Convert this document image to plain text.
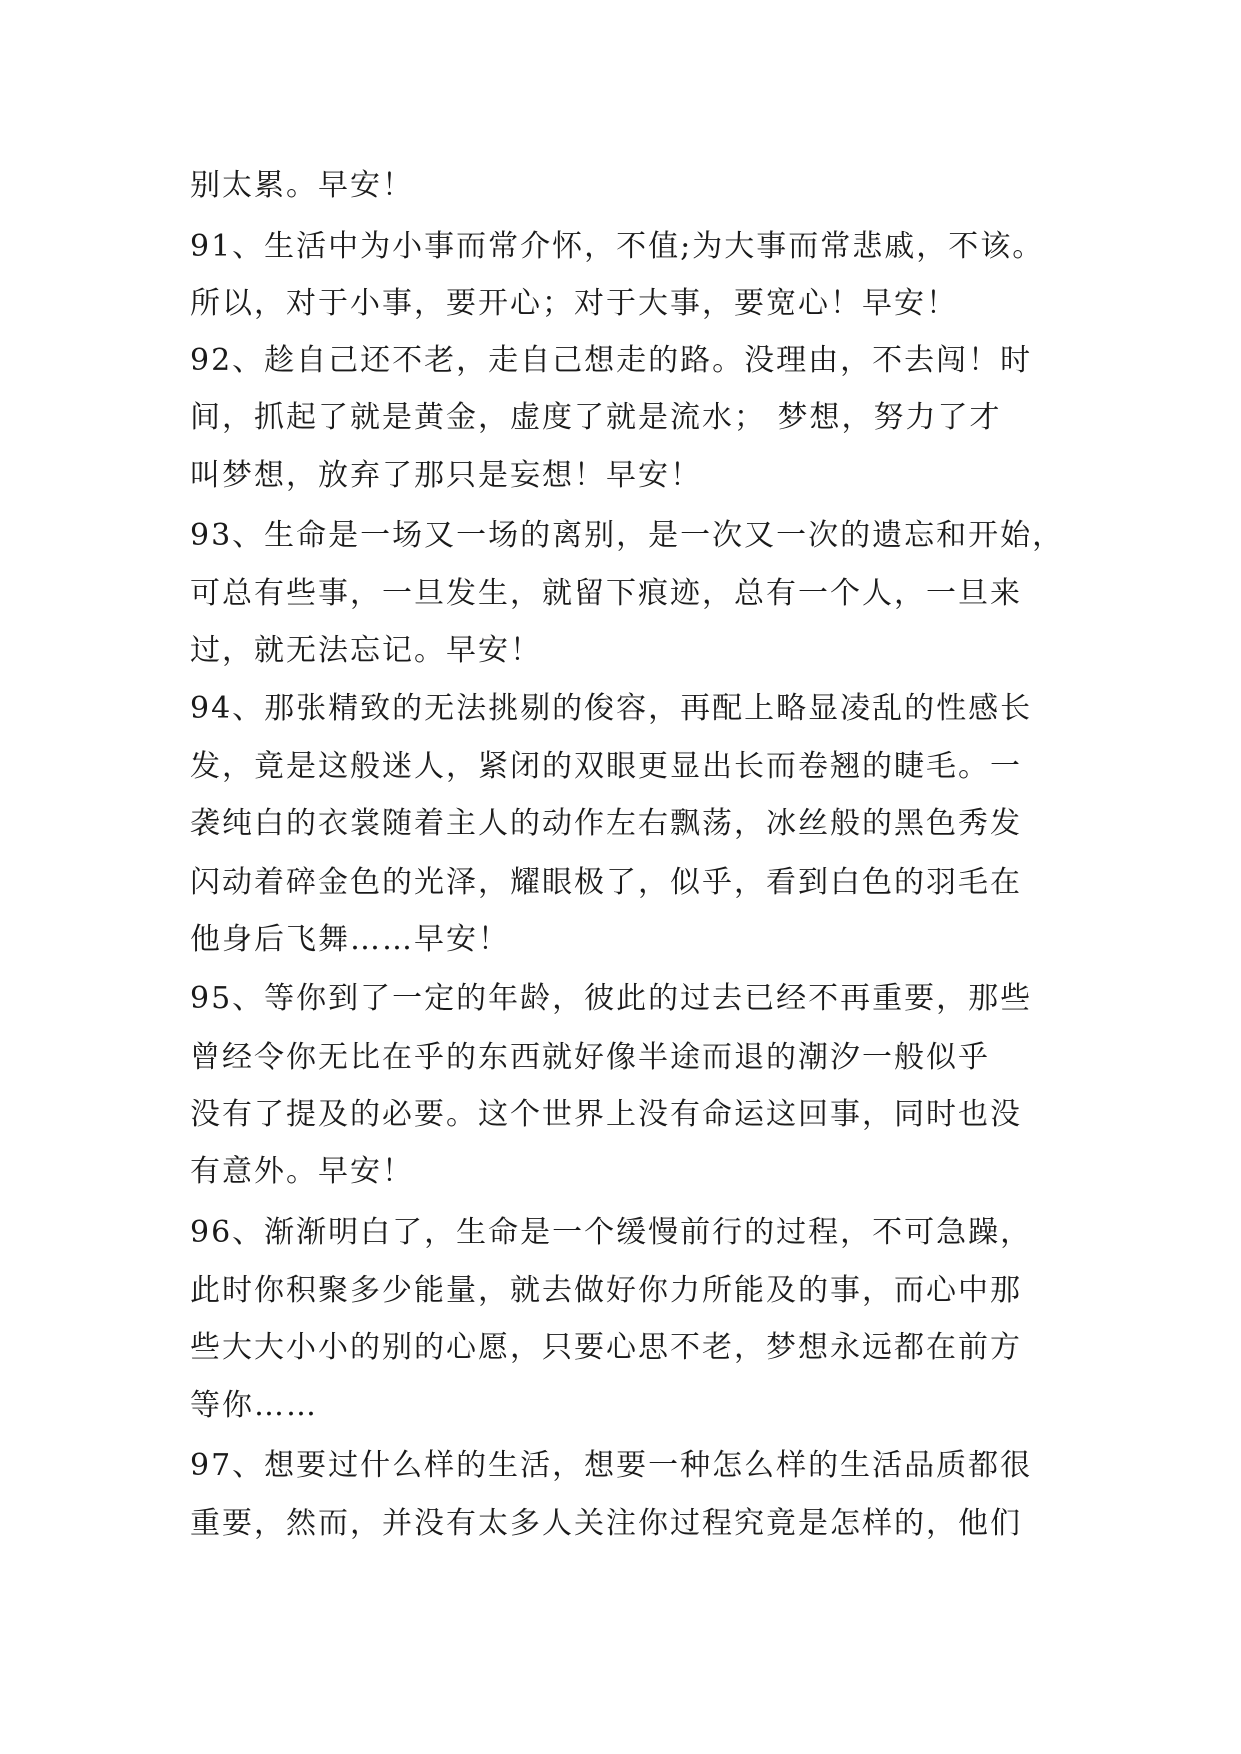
别太累。早安！
91、生活中为小事而常介怀，不值;为大事而常悲戚，不该。
所以，对于小事，要开心；对于大事，要宽心！早安！
92、趁自己还不老，走自己想走的路。没理由，不去闯！时
间，抓起了就是黄金，虚度了就是流水； 梦想，努力了才
叫梦想，放弃了那只是妄想！早安！
93、生命是一场又一场的离别，是一次又一次的遗忘和开始，
可总有些事，一旦发生，就留下痕迹，总有一个人，一旦来
过，就无法忘记。早安！
94、那张精致的无法挑剔的俊容，再配上略显凌乱的性感长
发，竟是这般迷人，紧闭的双眼更显出长而卷翘的睫毛。一
袭纯白的衣裳随着主人的动作左右飘荡，冰丝般的黑色秀发
闪动着碎金色的光泽，耀眼极了，似乎，看到白色的羽毛在
他身后飞舞……早安！
95、等你到了一定的年龄，彼此的过去已经不再重要，那些
曾经令你无比在乎的东西就好像半途而退的潮汐一般似乎
没有了提及的必要。这个世界上没有命运这回事，同时也没
有意外。早安！
96、渐渐明白了，生命是一个缓慢前行的过程，不可急躁，
此时你积聚多少能量，就去做好你力所能及的事，而心中那
些大大小小的别的心愿，只要心思不老，梦想永远都在前方
等你……
97、想要过什么样的生活，想要一种怎么样的生活品质都很
重要，然而，并没有太多人关注你过程究竟是怎样的，他们
